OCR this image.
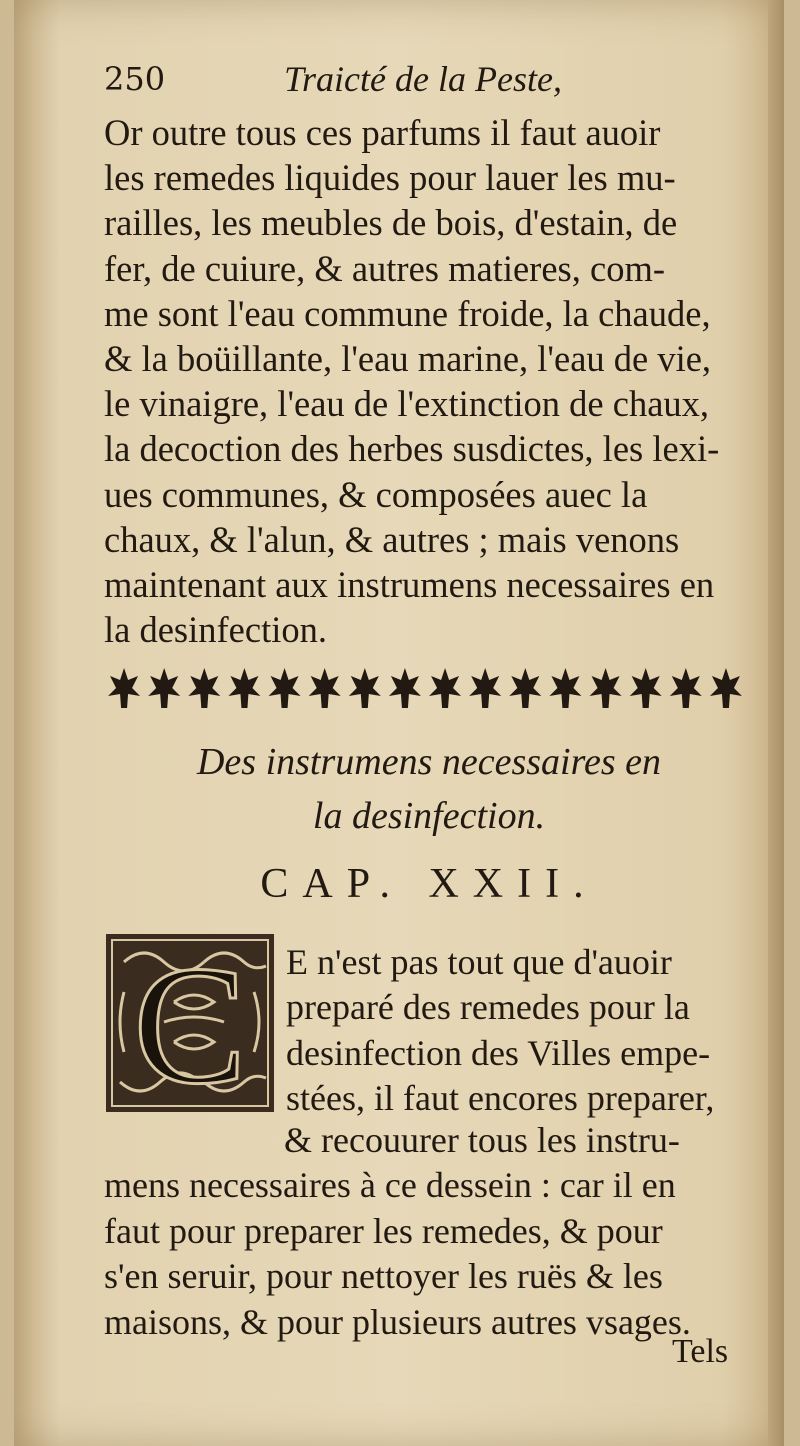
250	Traicté de la Peste,

Or outre tous ces parfums il faut auoir

les remedes liquides pour lauer les mu-

railles, les meubles de bois, d'estain, de

fer, de cuiure, & autres matieres, com-

me sont l'eau commune froide, la chaude,

& la boüillante, l'eau marine, l'eau de vie,

le vinaigre, l'eau de l'extinction de chaux,

la decoction des herbes susdictes, les lexi-

ues communes, & composées auec la

chaux, & l'alun, & autres ; mais venons

maintenant aux instrumens necessaires en

la desinfection.

Des instrumens necessaires en
la desinfection.
CAP. XXII.
C E n'est pas tout que d'auoir

preparé des remedes pour la

desinfection des Villes empe-

stées, il faut encores preparer,

& recouurer tous les instru-

mens necessaires à ce dessein : car il en

faut pour preparer les remedes, & pour

s'en seruir, pour nettoyer les ruës & les

maisons, & pour plusieurs autres vsages.

Tels
